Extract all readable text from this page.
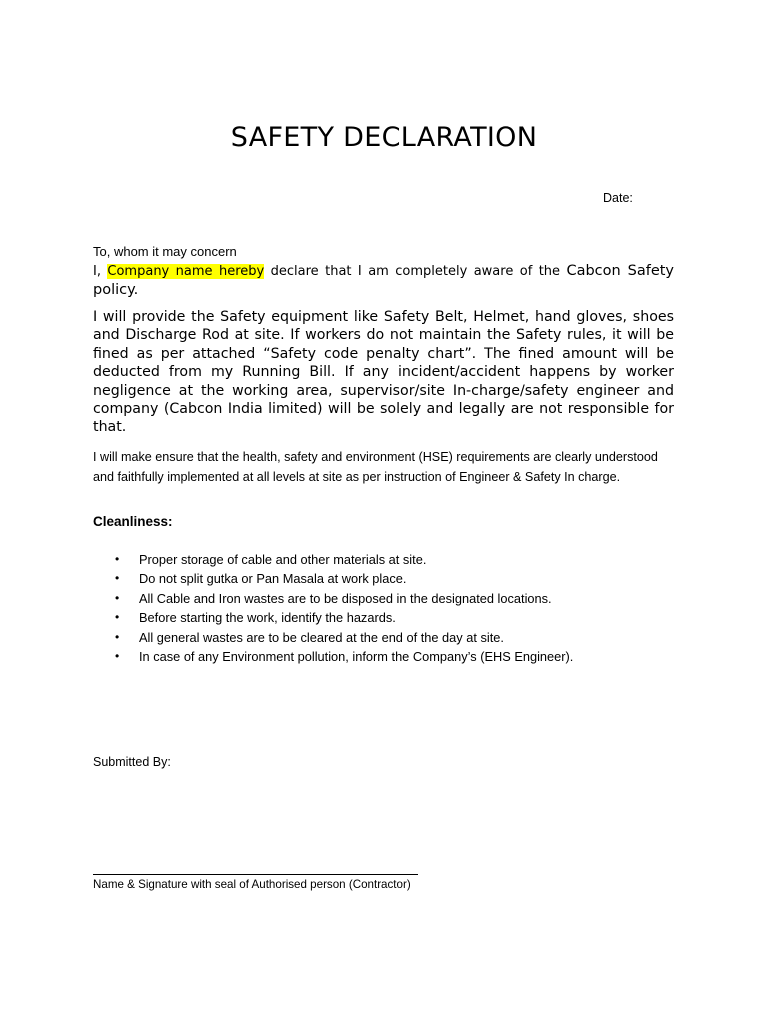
SAFETY DECLARATION
Date:
To, whom it may concern

I, Company name hereby declare that I am completely aware of the Cabcon Safety policy.

I will provide the Safety equipment like Safety Belt, Helmet, hand gloves, shoes and Discharge Rod at site. If workers do not maintain the Safety rules, it will be fined as per attached “Safety code penalty chart”. The fined amount will be deducted from my Running Bill. If any incident/accident happens by worker negligence at the working area, supervisor/site In-charge/safety engineer and company (Cabcon India limited) will be solely and legally are not responsible for that.

I will make ensure that the health, safety and environment (HSE) requirements are clearly understood and faithfully implemented at all levels at site as per instruction of Engineer & Safety In charge.

Cleanliness:
• Proper storage of cable and other materials at site.
• Do not split gutka or Pan Masala at work place.
• All Cable and Iron wastes are to be disposed in the designated locations.
• Before starting the work, identify the hazards.
• All general wastes are to be cleared at the end of the day at site.
• In case of any Environment pollution, inform the Company’s (EHS Engineer).
Submitted By:
Name & Signature with seal of Authorised person (Contractor)
